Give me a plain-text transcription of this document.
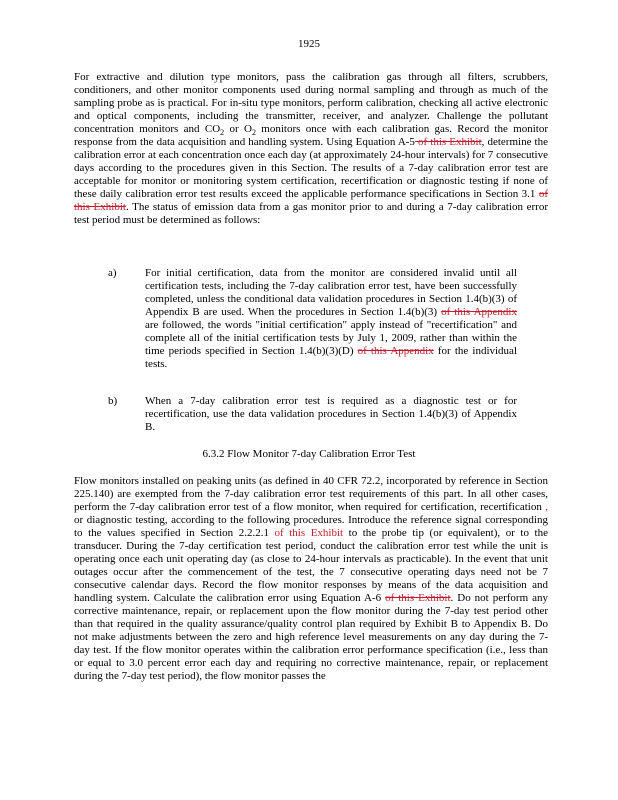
1925

For extractive and dilution type monitors, pass the calibration gas through all filters, scrubbers, conditioners, and other monitor components used during normal sampling and through as much of the sampling probe as is practical. For in-situ type monitors, perform calibration, checking all active electronic and optical components, including the transmitter, receiver, and analyzer. Challenge the pollutant concentration monitors and $CO_2$ or $O_2$ monitors once with each calibration gas. Record the monitor response from the data acquisition and handling system. Using Equation A-5 of this Exhibit, determine the calibration error at each concentration once each day (at approximately 24-hour intervals) for 7 consecutive days according to the procedures given in this Section. The results of a 7-day calibration error test are acceptable for monitor or monitoring system certification, recertification or diagnostic testing if none of these daily calibration error test results exceed the applicable performance specifications in Section 3.1 of this Exhibit. The status of emission data from a gas monitor prior to and during a 7-day calibration error test period must be determined as follows:

a)	For initial certification, data from the monitor are considered invalid until all certification tests, including the 7-day calibration error test, have been successfully completed, unless the conditional data validation procedures in Section 1.4(b)(3) of Appendix B are used. When the procedures in Section 1.4(b)(3) of this Appendix are followed, the words "initial certification" apply instead of "recertification" and complete all of the initial certification tests by July 1, 2009, rather than within the time periods specified in Section 1.4(b)(3)(D) of this Appendix for the individual tests.
b)	When a 7-day calibration error test is required as a diagnostic test or for recertification, use the data validation procedures in Section 1.4(b)(3) of Appendix B.

6.3.2 Flow Monitor 7-day Calibration Error Test

Flow monitors installed on peaking units (as defined in 40 CFR 72.2, incorporated by reference in Section 225.140) are exempted from the 7-day calibration error test requirements of this part. In all other cases, perform the 7-day calibration error test of a flow monitor, when required for certification, recertification , or diagnostic testing, according to the following procedures. Introduce the reference signal corresponding to the values specified in Section 2.2.2.1 of this Exhibit to the probe tip (or equivalent), or to the transducer. During the 7-day certification test period, conduct the calibration error test while the unit is operating once each unit operating day (as close to 24-hour intervals as practicable). In the event that unit outages occur after the commencement of the test, the 7 consecutive operating days need not be 7 consecutive calendar days. Record the flow monitor responses by means of the data acquisition and handling system. Calculate the calibration error using Equation A-6 of this Exhibit. Do not perform any corrective maintenance, repair, or replacement upon the flow monitor during the 7-day test period other than that required in the quality assurance/quality control plan required by Exhibit B to Appendix B. Do not make adjustments between the zero and high reference level measurements on any day during the 7-day test. If the flow monitor operates within the calibration error performance specification (i.e., less than or equal to 3.0 percent error each day and requiring no corrective maintenance, repair, or replacement during the 7-day test period), the flow monitor passes the
